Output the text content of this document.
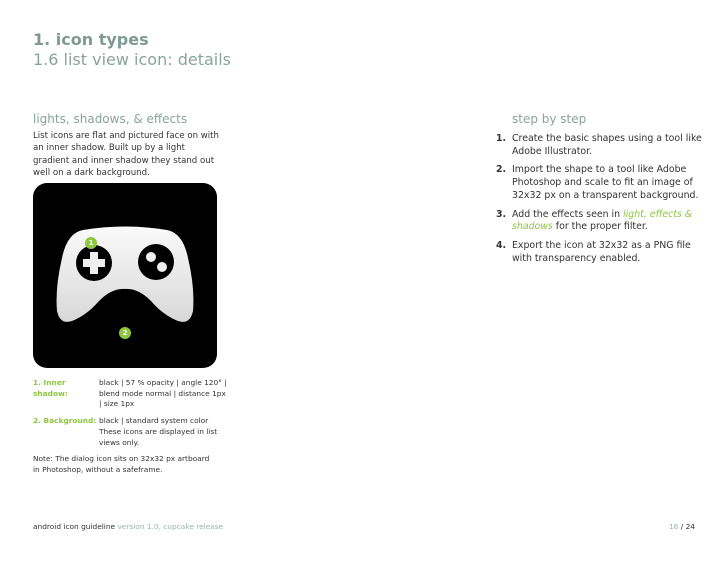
1. icon types
1.6 list view icon: details
lights, shadows, & effects
List icons are flat and pictured face on with an inner shadow. Built up by a light gradient and inner shadow they stand out well on a dark background.
1
2
1. Inner shadow:
black | 57 % opacity | angle 120° |
blend mode normal | distance 1px
| size 1px
2. Background: black | standard system color
These icons are displayed in list
views only.
Note: The dialog icon sits on 32x32 px artboard in Photoshop, without a safeframe.
step by step
1. Create the basic shapes using a tool like Adobe Illustrator.
2. Import the shape to a tool like Adobe Photoshop and scale to fit an image of 32x32 px on a transparent background.
3. Add the effects seen in light, effects & shadows for the proper filter.
4. Export the icon at 32x32 as a PNG file with transparency enabled.
android icon guideline version 1.0, cupcake release	16 / 24
